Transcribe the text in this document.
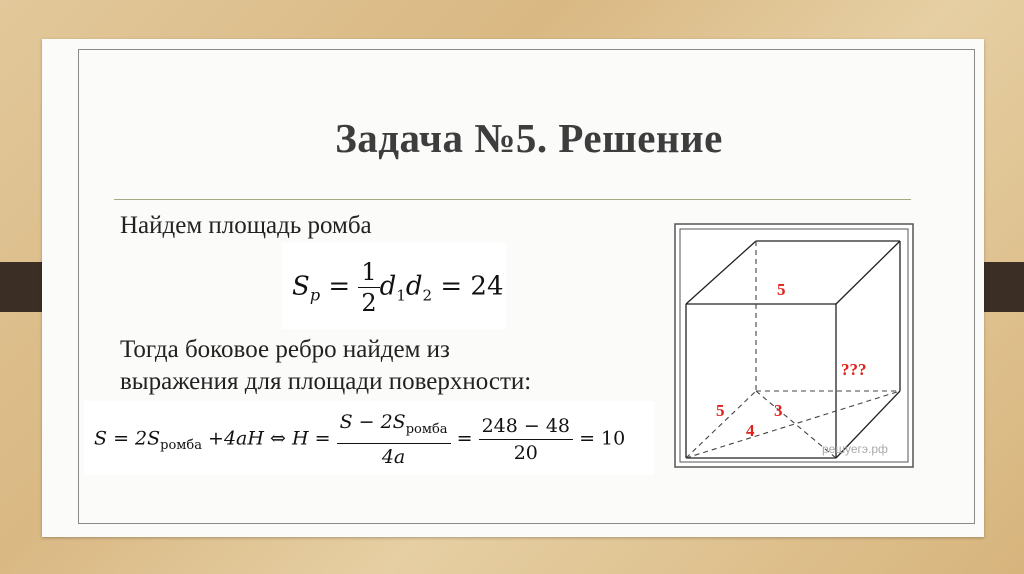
Задача №5. Решение
Найдем площадь ромба
$S_p = \frac{1}{2} d_1d_2 = 24$
Тогда боковое ребро найдем из
выражения для площади поверхности:
$S = 2S_{ромба} +4aH$ ⇔ $H = \frac{S - 2S_{ромба}}{4a} = \frac{248 - 48}{20} = 10$
5
???
5	3
4
решуегэ.рф
